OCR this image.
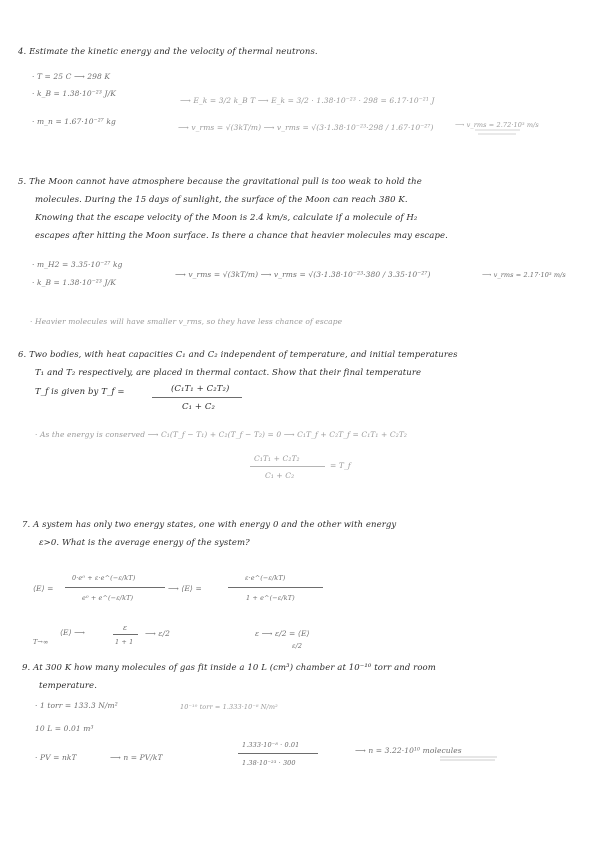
4. Estimate the kinetic energy and the velocity of thermal neutrons.
· T = 25 C ⟶ 298 K
· k_B = 1.38·10⁻²³ J/K
· m_n = 1.67·10⁻²⁷ kg
⟶ E_k = 3/2 k_B T ⟶ E_k = 3/2 · 1.38·10⁻²³ · 298 = 6.17·10⁻²¹ J
⟶ v_rms = √(3kT/m) ⟶ v_rms = √(3·1.38·10⁻²³·298 / 1.67·10⁻²⁷)	⟶ v_rms = 2.72·10³ m/s
5. The Moon cannot have atmosphere because the gravitational pull is too weak to hold the
molecules. During the 15 days of sunlight, the surface of the Moon can reach 380 K.
Knowing that the escape velocity of the Moon is 2.4 km/s, calculate if a molecule of H₂
escapes after hitting the Moon surface. Is there a chance that heavier molecules may escape.
· m_H2 = 3.35·10⁻²⁷ kg
· k_B = 1.38·10⁻²³ J/K
⟶ v_rms = √(3kT/m) ⟶ v_rms = √(3·1.38·10⁻²³·380 / 3.35·10⁻²⁷)	⟶ v_rms = 2.17·10³ m/s
· Heavier molecules will have smaller v_rms, so they have less chance of escape
6. Two bodies, with heat capacities C₁ and C₂ independent of temperature, and initial temperatures
T₁ and T₂ respectively, are placed in thermal contact. Show that their final temperature
T_f is given by T_f =	(C₁T₁ + C₂T₂)
C₁ + C₂
· As the energy is conserved ⟶ C₁(T_f − T₁) + C₂(T_f − T₂) = 0 ⟶ C₁T_f + C₂T_f = C₁T₁ + C₂T₂
C₁T₁ + C₂T₂
C₁ + C₂
= T_f
7. A system has only two energy states, one with energy 0 and the other with energy
ε>0. What is the average energy of the system?
⟨E⟩ =
0·e⁰ + ε·e^(−ε/kT)
e⁰ + e^(−ε/kT)
⟶ ⟨E⟩ =
ε·e^(−ε/kT)
1 + e^(−ε/kT)
T→∞
⟨E⟩ ⟶
ε
1 + 1
⟶ ε/2	ε ⟶ ε/2 = ⟨E⟩
ε/2
9. At 300 K how many molecules of gas fit inside a 10 L (cm³) chamber at 10⁻¹⁰ torr and room
temperature.
· 1 torr = 133.3 N/m²	10⁻¹⁰ torr = 1.333·10⁻⁸ N/m²
10 L = 0.01 m³
· PV = nkT	⟶ n = PV/kT
1.333·10⁻⁸ · 0.01
1.38·10⁻²³ · 300
⟶ n = 3.22·10¹⁰ molecules
